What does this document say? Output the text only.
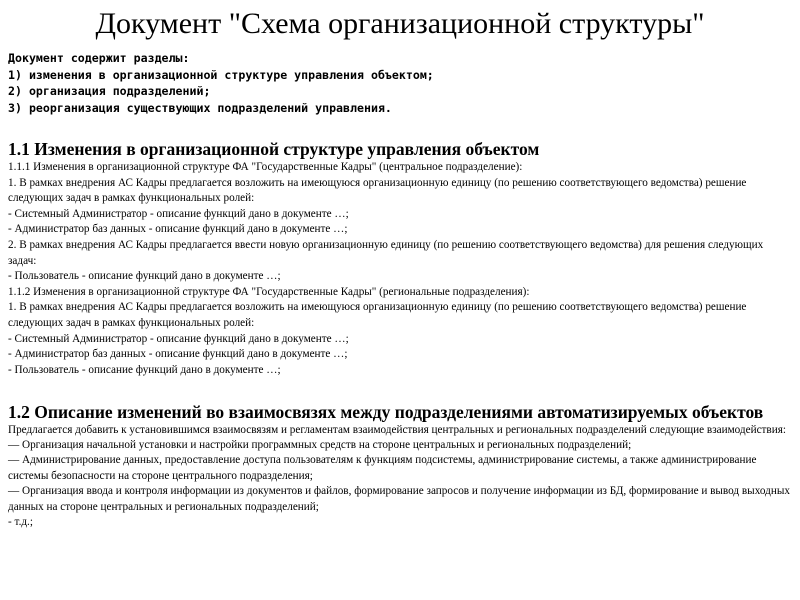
Документ "Схема организационной структуры"
Документ содержит разделы:
1) изменения в организационной структуре управления объектом;
2) организация подразделений;
3) реорганизация существующих подразделений управления.
1.1 Изменения в организационной структуре управления объектом
1.1.1 Изменения в организационной структуре ФА "Государственные Кадры" (центральное подразделение):
1. В рамках внедрения АС Кадры предлагается возложить на имеющуюся организационную единицу (по решению соответствующего ведомства) решение следующих задач в рамках функциональных ролей:
- Системный Администратор - описание функций дано в документе …;
- Администратор баз данных - описание функций дано в документе …;
2. В рамках внедрения АС Кадры предлагается ввести новую организационную единицу (по решению соответствующего ведомства) для решения следующих задач:
- Пользователь - описание функций дано в документе …;
1.1.2 Изменения в организационной структуре ФА "Государственные Кадры" (региональные подразделения):
1. В рамках внедрения АС Кадры предлагается возложить на имеющуюся организационную единицу (по решению соответствующего ведомства) решение следующих задач в рамках функциональных ролей:
- Системный Администратор - описание функций дано в документе …;
- Администратор баз данных - описание функций дано в документе …;
- Пользователь - описание функций дано в документе …;
1.2 Описание изменений во взаимосвязях между подразделениями автоматизируемых объектов
Предлагается добавить к установившимся взаимосвязям и регламентам взаимодействия центральных и региональных подразделений следующие взаимодействия:
— Организация начальной установки и настройки программных средств на стороне центральных и региональных подразделений;
— Администрирование данных, предоставление доступа пользователям к функциям подсистемы, администрирование системы, а также администрирование системы безопасности на стороне центрального подразделения;
— Организация ввода и контроля информации из документов и файлов, формирование запросов и получение информации из БД, формирование и вывод выходных данных на стороне центральных и региональных подразделений;
- т.д.;
